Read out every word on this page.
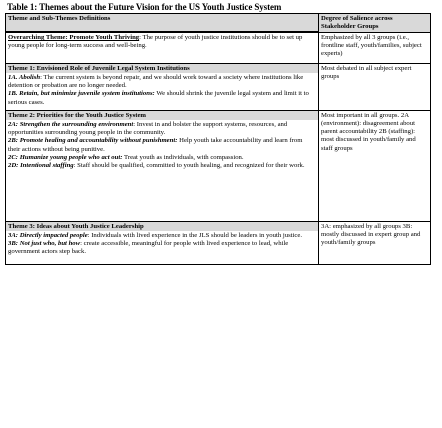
Table 1: Themes about the Future Vision for the US Youth Justice System
Theme and Sub-Themes Definitions	Degree of Salience across Stakeholder Groups

Overarching Theme: Promote Youth Thriving: The purpose of youth justice institutions should be to set up young people for long-term success and well-being.	Emphasized by all 3 groups (i.e., frontline staff, youth/families, subject experts)

Theme 1: Envisioned Role of Juvenile Legal System Institutions
1A. Abolish: The current system is beyond repair, and we should work toward a society where institutions like detention or probation are no longer needed.
1B. Retain, but minimize juvenile system institutions: We should shrink the juvenile legal system and limit it to serious cases.	Most debated in all subject expert groups

Theme 2: Priorities for the Youth Justice System
2A: Strengthen the surrounding environment: Invest in and bolster the support systems, resources, and opportunities surrounding young people in the community.
2B: Promote healing and accountability without punishment: Help youth take accountability and learn from their actions without being punitive.
2C: Humanize young people who act out: Treat youth as individuals, with compassion.
2D: Intentional staffing: Staff should be qualified, committed to youth healing, and recognized for their work.	Most important in all groups. 2A (environment): disagreement about parent accountability 2B (staffing): most discussed in youth/family and staff groups

Theme 3: Ideas about Youth Justice Leadership
3A: Directly impacted people: Individuals with lived experience in the JLS should be leaders in youth justice.
3B: Not just who, but how: create accessible, meaningful for people with lived experience to lead, while government actors step back.	3A: emphasized by all groups 3B: mostly discussed in expert group and youth/family groups
